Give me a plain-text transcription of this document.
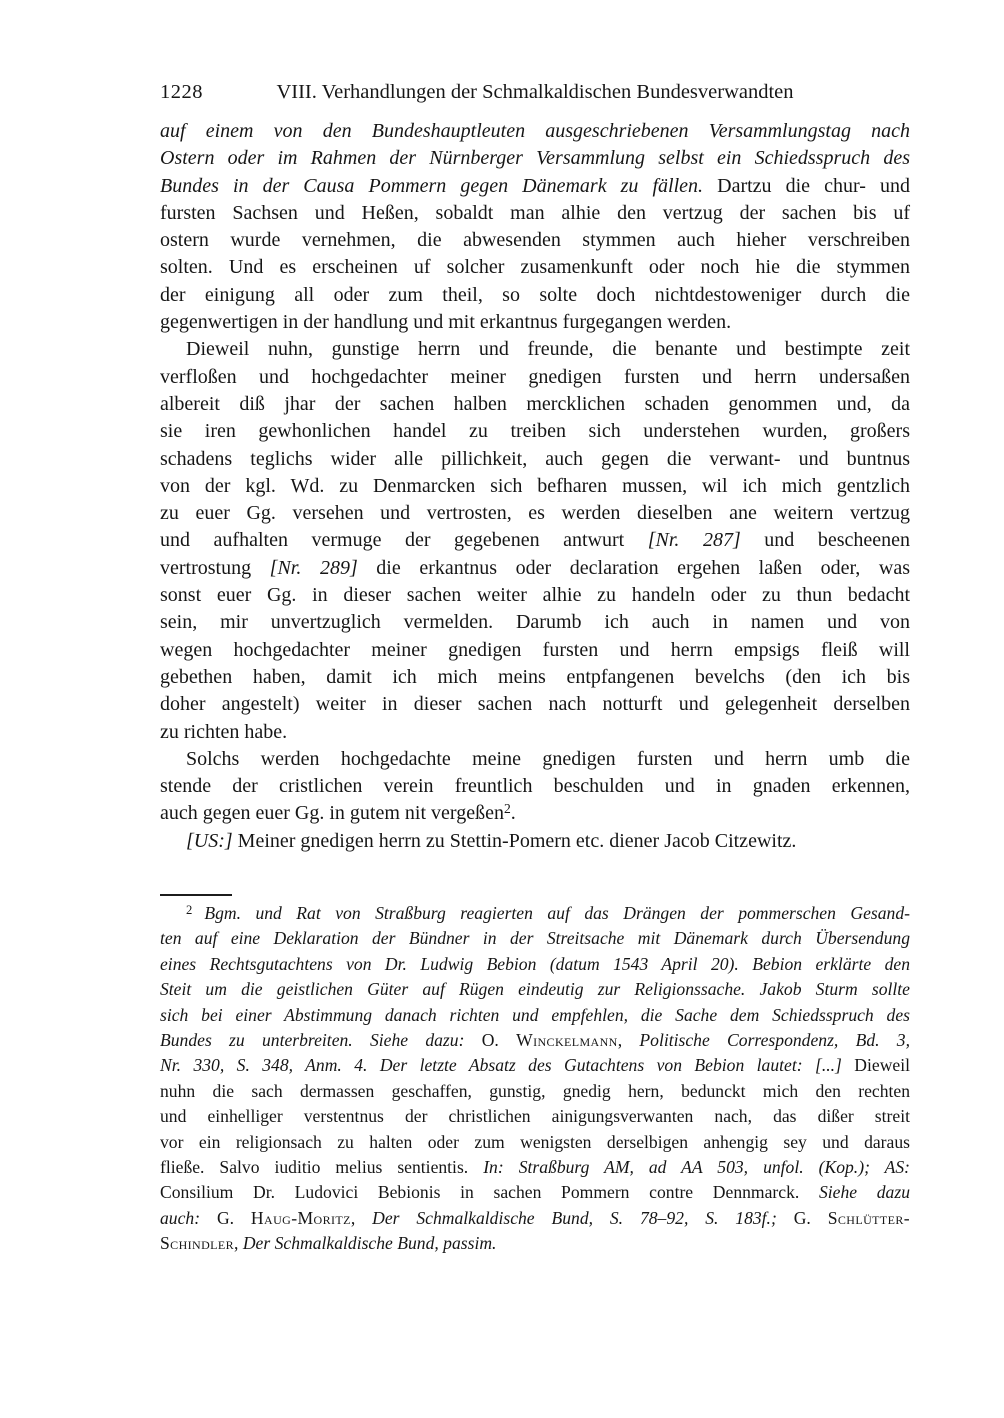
1228	VIII. Verhandlungen der Schmalkaldischen Bundesverwandten
auf einem von den Bundeshauptleuten ausgeschriebenen Versammlungstag nach
Ostern oder im Rahmen der Nürnberger Versammlung selbst ein Schiedsspruch des
Bundes in der Causa Pommern gegen Dänemark zu fällen. Dartzu die chur- und
fursten Sachsen und Heßen, sobaldt man alhie den vertzug der sachen bis uf
ostern wurde vernehmen, die abwesenden stymmen auch hieher verschreiben
solten. Und es erscheinen uf solcher zusamenkunft oder noch hie die stymmen
der einigung all oder zum theil, so solte doch nichtdestoweniger durch die
gegenwertigen in der handlung und mit erkantnus furgegangen werden.
Dieweil nuhn, gunstige herrn und freunde, die benante und bestimpte zeit
verfloßen und hochgedachter meiner gnedigen fursten und herrn undersaßen
albereit diß jhar der sachen halben mercklichen schaden genommen und, da
sie iren gewhonlichen handel zu treiben sich understehen wurden, großers
schadens teglichs wider alle pillichkeit, auch gegen die verwant- und buntnus
von der kgl. Wd. zu Denmarcken sich befharen mussen, wil ich mich gentzlich
zu euer Gg. versehen und vertrosten, es werden dieselben ane weitern vertzug
und aufhalten vermuge der gegebenen antwurt [Nr. 287] und bescheenen
vertrostung [Nr. 289] die erkantnus oder declaration ergehen laßen oder, was
sonst euer Gg. in dieser sachen weiter alhie zu handeln oder zu thun bedacht
sein, mir unvertzuglich vermelden. Darumb ich auch in namen und von
wegen hochgedachter meiner gnedigen fursten und herrn empsigs fleiß will
gebethen haben, damit ich mich meins entpfangenen bevelchs (den ich bis
doher angestelt) weiter in dieser sachen nach notturft und gelegenheit derselben
zu richten habe.
Solchs werden hochgedachte meine gnedigen fursten und herrn umb die
stende der cristlichen verein freuntlich beschulden und in gnaden erkennen,
auch gegen euer Gg. in gutem nit vergeßen$^2$.
[US:] Meiner gnedigen herrn zu Stettin-Pomern etc. diener Jacob Citzewitz.
$^2$ Bgm. und Rat von Straßburg reagierten auf das Drängen der pommerschen Gesand-
ten auf eine Deklaration der Bündner in der Streitsache mit Dänemark durch Übersendung
eines Rechtsgutachtens von Dr. Ludwig Bebion (datum 1543 April 20). Bebion erklärte den
Steit um die geistlichen Güter auf Rügen eindeutig zur Religionssache. Jakob Sturm sollte
sich bei einer Abstimmung danach richten und empfehlen, die Sache dem Schiedsspruch des
Bundes zu unterbreiten. Siehe dazu: O. Winckelmann, Politische Correspondenz, Bd. 3,
Nr. 330, S. 348, Anm. 4. Der letzte Absatz des Gutachtens von Bebion lautet: [...] Dieweil
nuhn die sach dermassen geschaffen, gunstig, gnedig hern, bedunckt mich den rechten
und einhelliger verstentnus der christlichen ainigungsverwanten nach, das dißer streit
vor ein religionsach zu halten oder zum wenigsten derselbigen anhengig sey und daraus
fließe. Salvo iuditio melius sentientis. In: Straßburg AM, ad AA 503, unfol. (Kop.); AS:
Consilium Dr. Ludovici Bebionis in sachen Pommern contre Dennmarck. Siehe dazu
auch: G. Haug-Moritz, Der Schmalkaldische Bund, S. 78–92, S. 183f.; G. Schlütter-
Schindler, Der Schmalkaldische Bund, passim.
